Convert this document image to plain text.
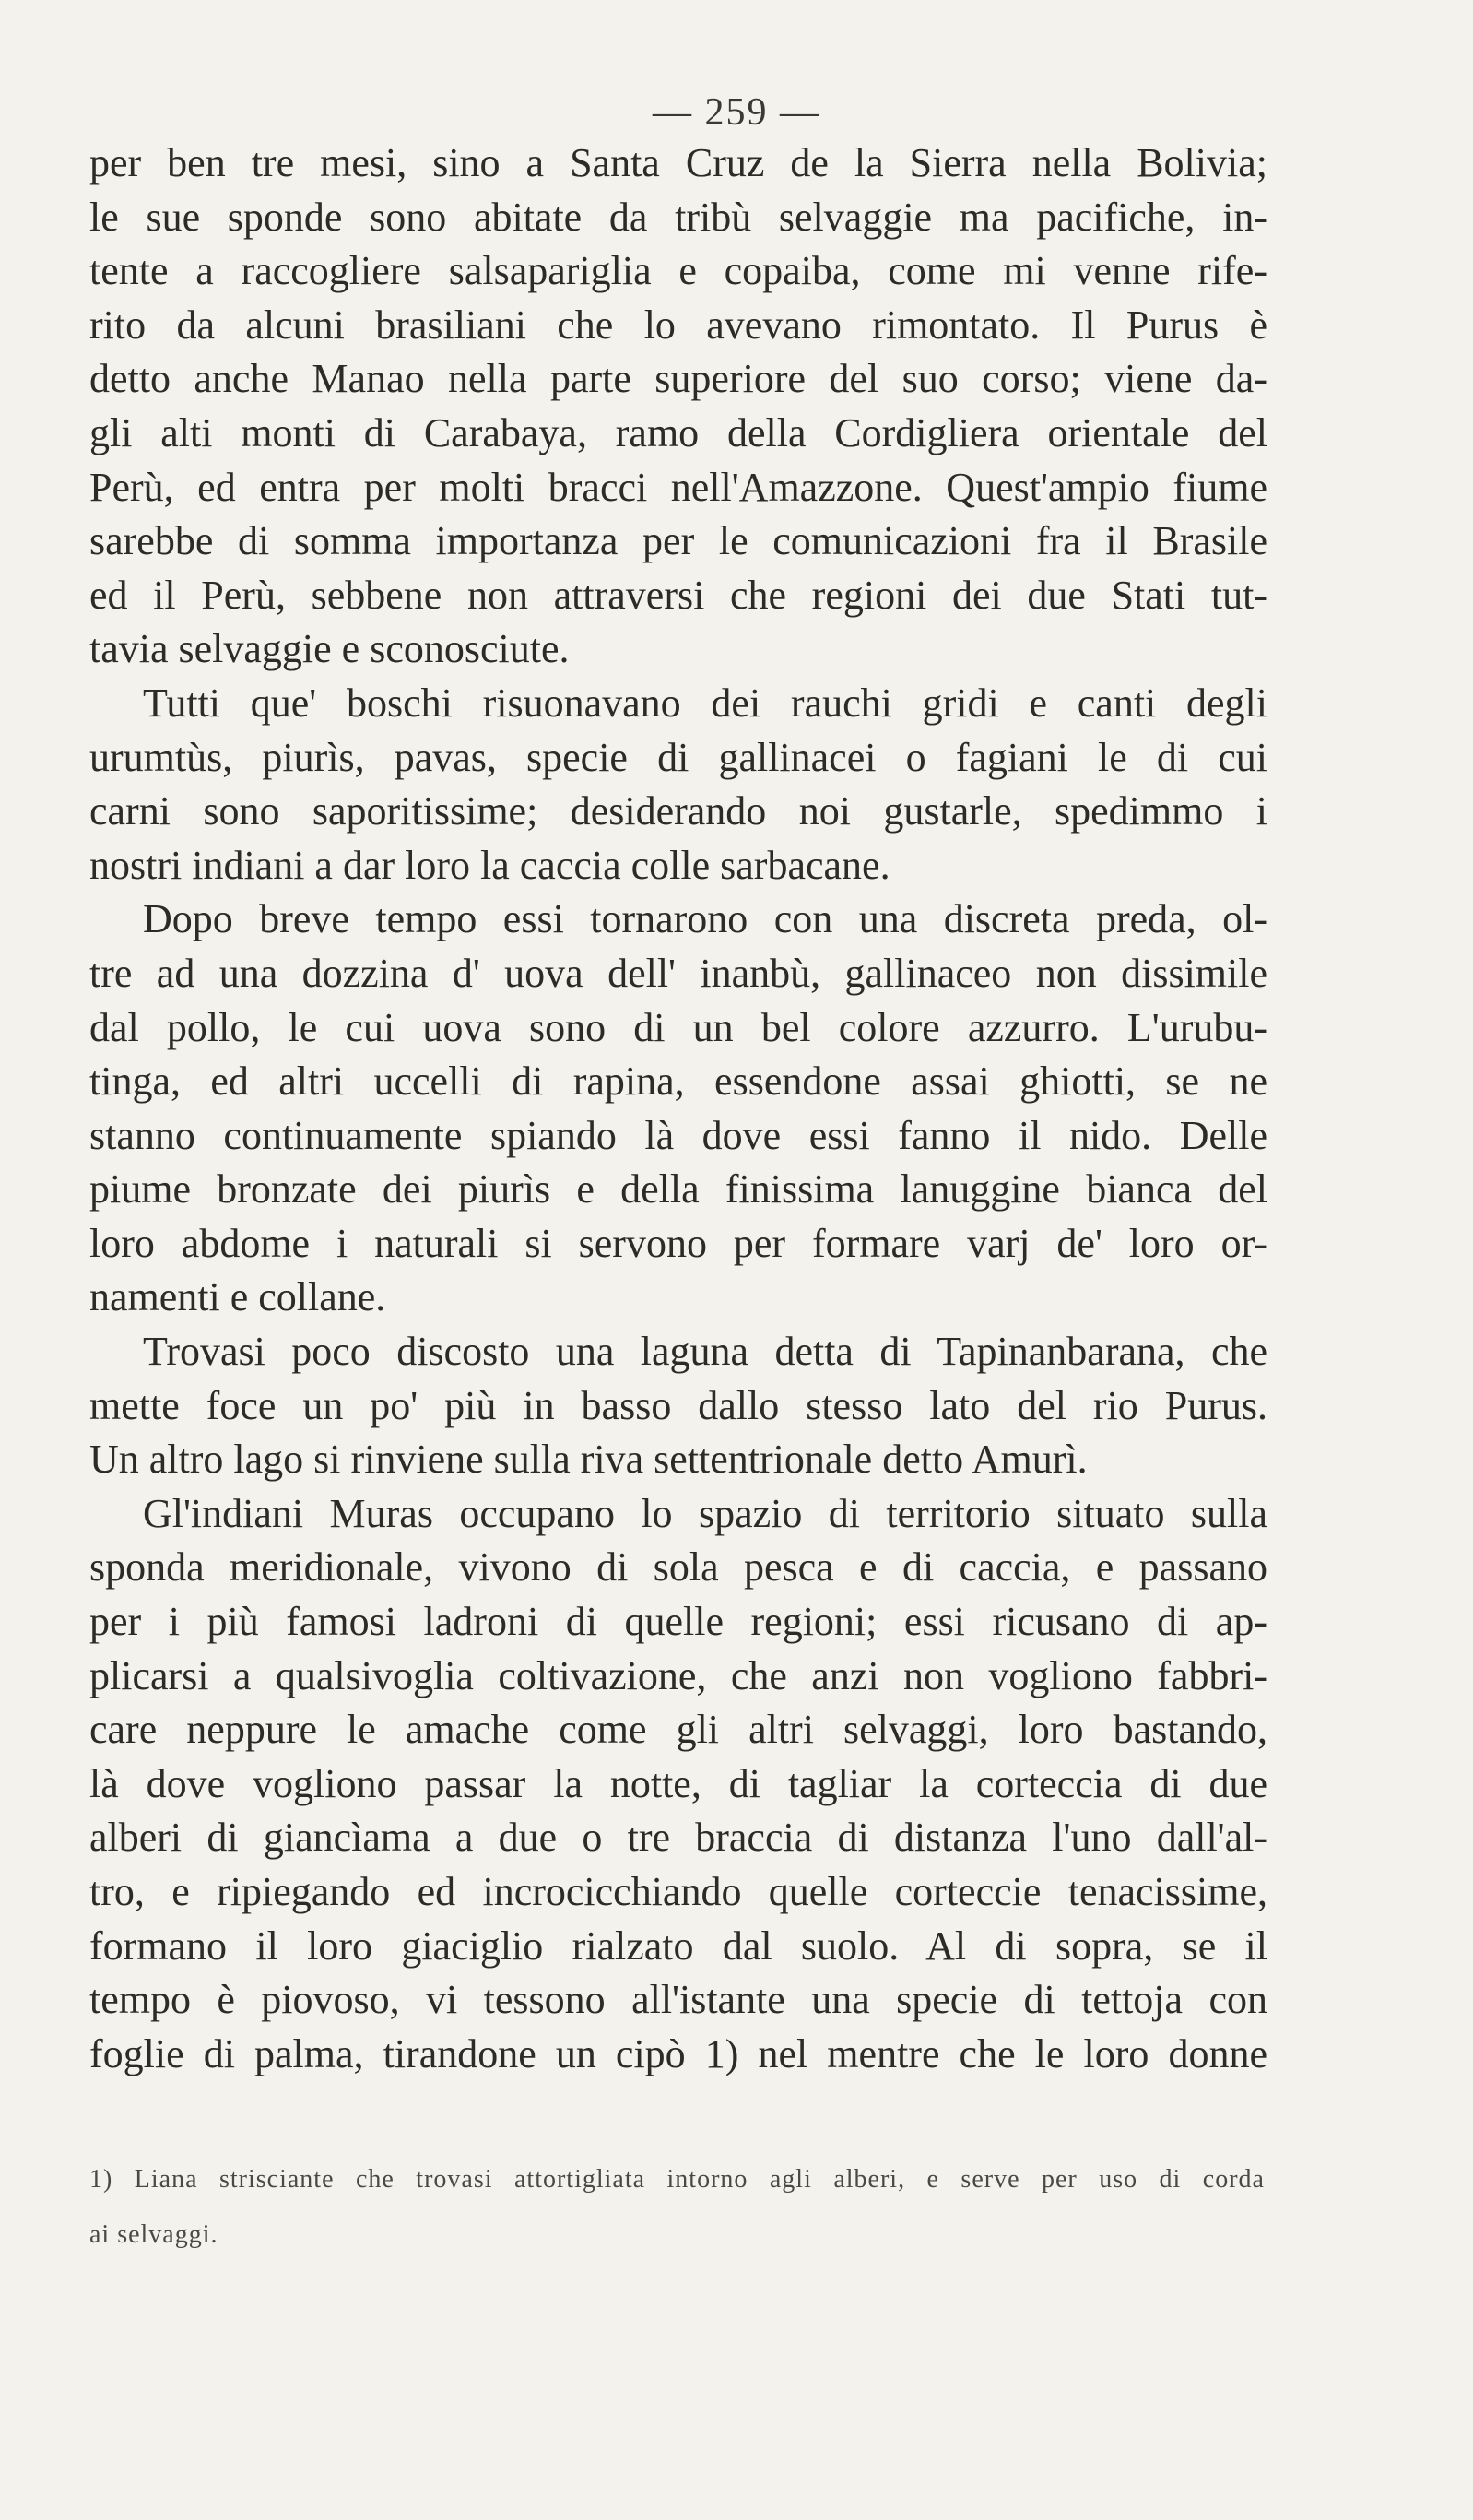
— 259 —
per ben tre mesi, sino a Santa Cruz de la Sierra nella Bolivia;
le sue sponde sono abitate da tribù selvaggie ma pacifiche, in-
tente a raccogliere salsapariglia e copaiba, come mi venne rife-
rito da alcuni brasiliani che lo avevano rimontato. Il Purus è
detto anche Manao nella parte superiore del suo corso; viene da-
gli alti monti di Carabaya, ramo della Cordigliera orientale del
Perù, ed entra per molti bracci nell'Amazzone. Quest'ampio fiume
sarebbe di somma importanza per le comunicazioni fra il Brasile
ed il Perù, sebbene non attraversi che regioni dei due Stati tut-
tavia selvaggie e sconosciute.
Tutti que' boschi risuonavano dei rauchi gridi e canti degli
urumtùs, piurìs, pavas, specie di gallinacei o fagiani le di cui
carni sono saporitissime; desiderando noi gustarle, spedimmo i
nostri indiani a dar loro la caccia colle sarbacane.
Dopo breve tempo essi tornarono con una discreta preda, ol-
tre ad una dozzina d' uova dell' inanbù, gallinaceo non dissimile
dal pollo, le cui uova sono di un bel colore azzurro. L'urubu-
tinga, ed altri uccelli di rapina, essendone assai ghiotti, se ne
stanno continuamente spiando là dove essi fanno il nido. Delle
piume bronzate dei piurìs e della finissima lanuggine bianca del
loro abdome i naturali si servono per formare varj de' loro or-
namenti e collane.
Trovasi poco discosto una laguna detta di Tapinanbarana, che
mette foce un po' più in basso dallo stesso lato del rio Purus.
Un altro lago si rinviene sulla riva settentrionale detto Amurì.
Gl'indiani Muras occupano lo spazio di territorio situato sulla
sponda meridionale, vivono di sola pesca e di caccia, e passano
per i più famosi ladroni di quelle regioni; essi ricusano di ap-
plicarsi a qualsivoglia coltivazione, che anzi non vogliono fabbri-
care neppure le amache come gli altri selvaggi, loro bastando,
là dove vogliono passar la notte, di tagliar la corteccia di due
alberi di giancìama a due o tre braccia di distanza l'uno dall'al-
tro, e ripiegando ed incrocicchiando quelle corteccie tenacissime,
formano il loro giaciglio rialzato dal suolo. Al di sopra, se il
tempo è piovoso, vi tessono all'istante una specie di tettoja con
foglie di palma, tirandone un cipò 1) nel mentre che le loro donne
1) Liana strisciante che trovasi attortigliata intorno agli alberi, e serve per uso di corda
ai selvaggi.
